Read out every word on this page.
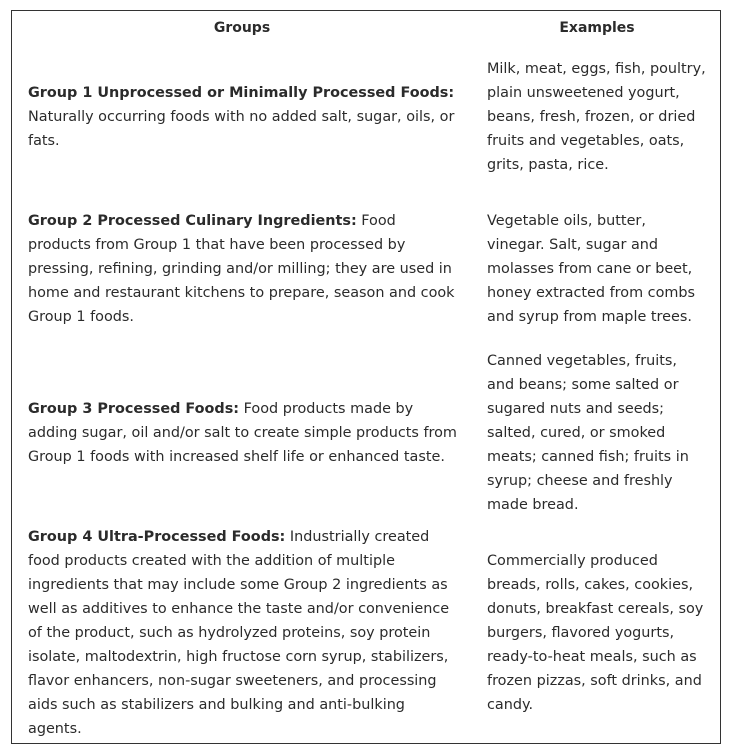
Groups	Examples
Group 1 Unprocessed or Minimally Processed Foods: Naturally occurring foods with no added salt, sugar, oils, or fats.
Milk, meat, eggs, fish, poultry, plain unsweetened yogurt, beans, fresh, frozen, or dried fruits and vegetables, oats, grits, pasta, rice.
Group 2 Processed Culinary Ingredients: Food products from Group 1 that have been processed by pressing, refining, grinding and/or milling; they are used in home and restaurant kitchens to prepare, season and cook Group 1 foods.
Vegetable oils, butter, vinegar. Salt, sugar and molasses from cane or beet, honey extracted from combs and syrup from maple trees.
Group 3 Processed Foods: Food products made by adding sugar, oil and/or salt to create simple products from Group 1 foods with increased shelf life or enhanced taste.
Canned vegetables, fruits, and beans; some salted or sugared nuts and seeds; salted, cured, or smoked meats; canned fish; fruits in syrup; cheese and freshly made bread.
Group 4 Ultra-Processed Foods: Industrially created food products created with the addition of multiple ingredients that may include some Group 2 ingredients as well as additives to enhance the taste and/or convenience of the product, such as hydrolyzed proteins, soy protein isolate, maltodextrin, high fructose corn syrup, stabilizers, flavor enhancers, non-sugar sweeteners, and processing aids such as stabilizers and bulking and anti-bulking agents.
Commercially produced breads, rolls, cakes, cookies, donuts, breakfast cereals, soy burgers, flavored yogurts, ready-to-heat meals, such as frozen pizzas, soft drinks, and candy.
